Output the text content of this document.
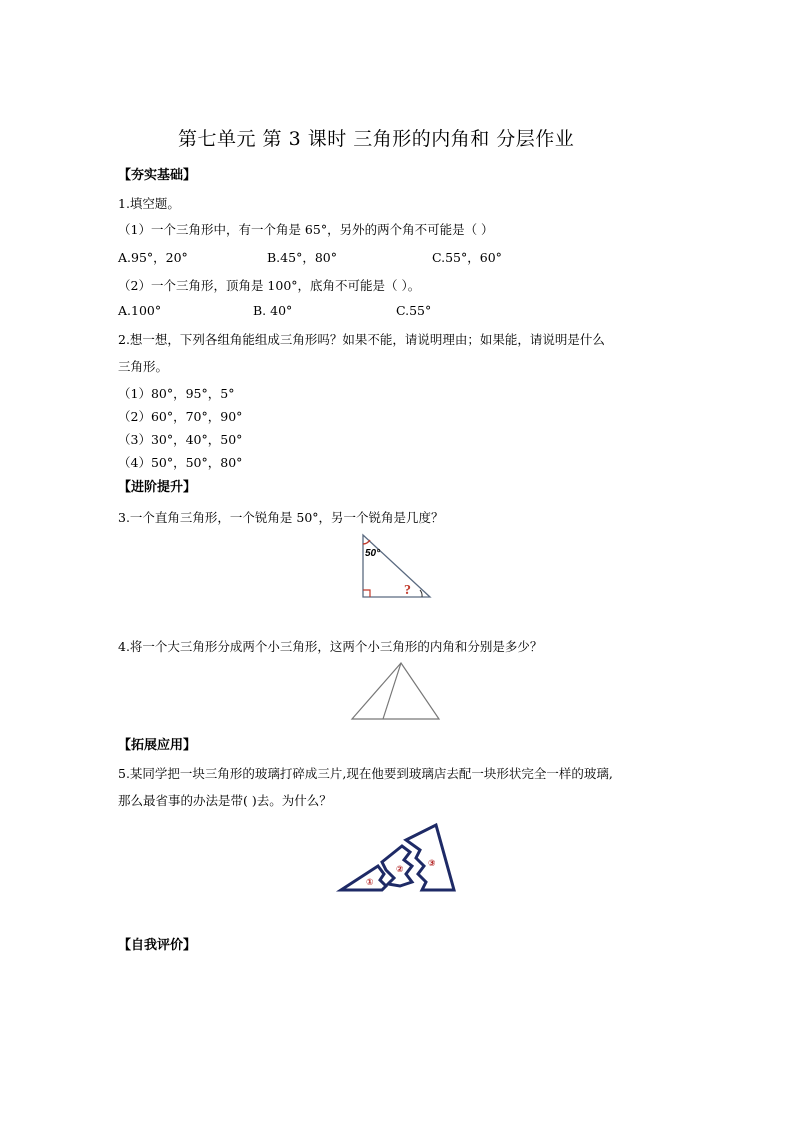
第七单元 第 3 课时 三角形的内角和 分层作业
【夯实基础】
1.填空题。
（1）一个三角形中，有一个角是 65°，另外的两个角不可能是（ ）
A.95°，20°	B.45°，80°	C.55°，60°
（2）一个三角形，顶角是 100°，底角不可能是（ ）。
A.100°	B. 40°	C.55°
2.想一想，下列各组角能组成三角形吗？如果不能，请说明理由；如果能，请说明是什么
三角形。
（1）80°，95°，5°
（2）60°，70°，90°
（3）30°，40°，50°
（4）50°，50°，80°
【进阶提升】
3.一个直角三角形，一个锐角是 50°，另一个锐角是几度？
50°
?
4.将一个大三角形分成两个小三角形，这两个小三角形的内角和分别是多少？
【拓展应用】
5.某同学把一块三角形的玻璃打碎成三片,现在他要到玻璃店去配一块形状完全一样的玻璃,
那么最省事的办法是带( )去。为什么？
①
②
③
【自我评价】
